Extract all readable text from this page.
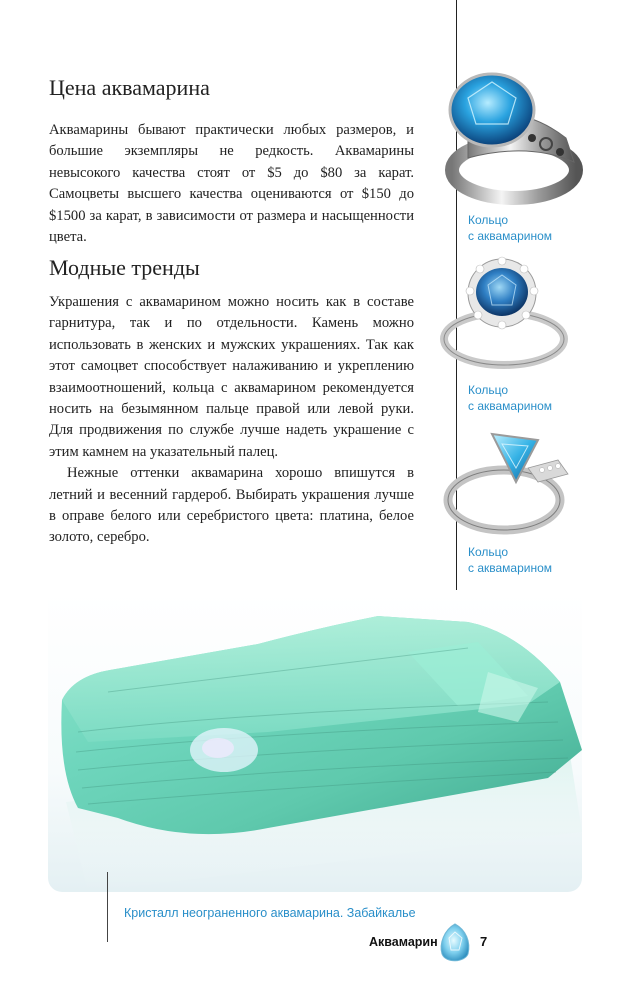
Цена аквамарина

Аквамарины бывают практически любых размеров, и большие экземпляры не редкость. Аквамарины невысокого качества стоят от $5 до $80 за карат. Самоцветы высшего качества оцениваются от $150 до $1500 за карат, в зависимости от размера и насыщенности цвета.

Модные тренды

Украшения с аквамарином можно носить как в составе гарнитура, так и по отдельности. Камень можно использовать в женских и мужских украшениях. Так как этот самоцвет способствует налаживанию и укреплению взаимоотношений, кольца с аквамарином рекомендуется носить на безымянном пальце правой или левой руки. Для продвижения по службе лучше надеть украшение с этим камнем на указательный палец.

Нежные оттенки аквамарина хорошо впишутся в летний и весенний гардероб. Выбирать украшения лучше в оправе белого или серебристого цвета: платина, белое золото, серебро.

Кольцо
с аквамарином
Кольцо
с аквамарином
Кольцо
с аквамарином
Кристалл неограненного аквамарина. Забайкалье
Аквамарин	7
